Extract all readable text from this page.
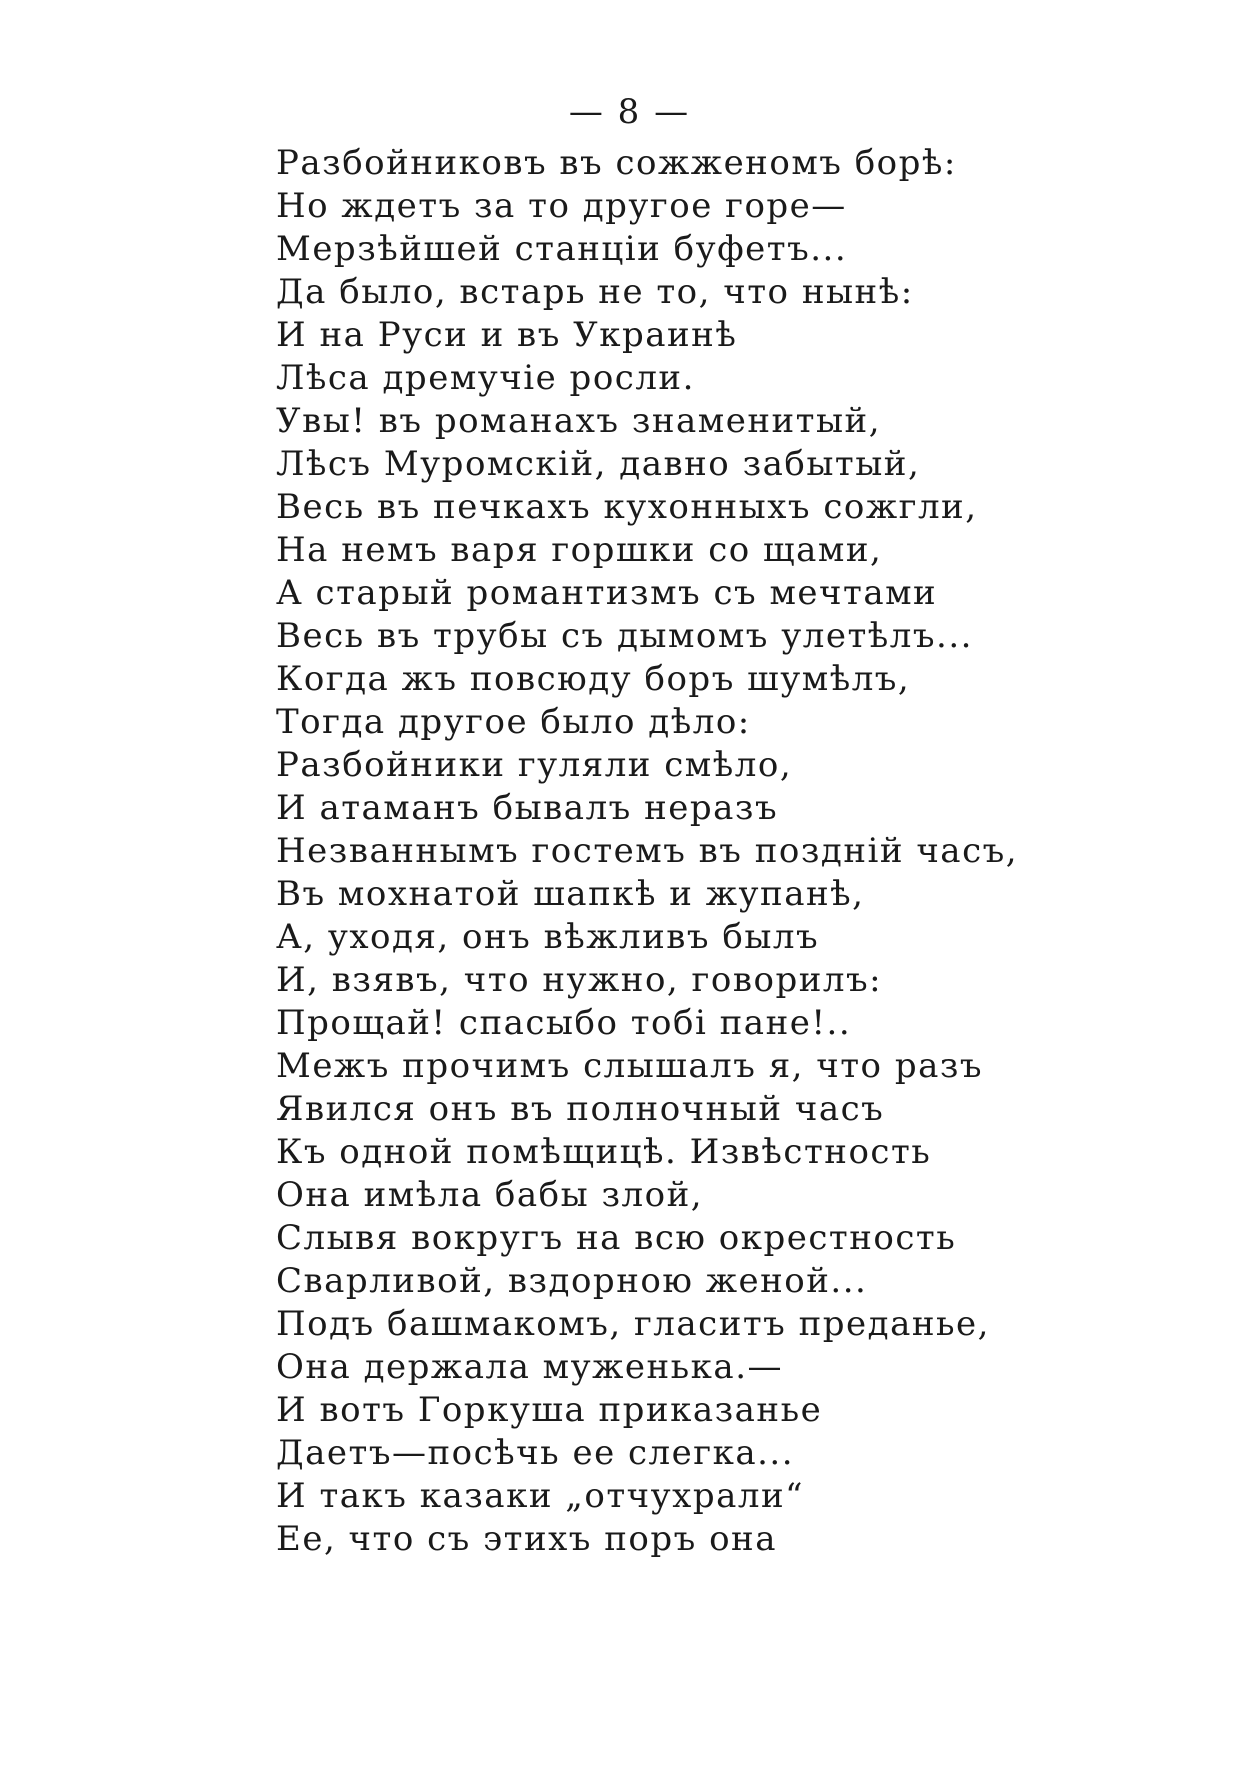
— 8 —
Разбойниковъ въ сожженомъ борѣ:
Но ждетъ за то другое горе—
Мерзѣйшей станціи буфетъ...
Да было, встарь не то, что нынѣ:
И на Руси и въ Украинѣ
Лѣса дремучіе росли.
Увы! въ романахъ знаменитый,
Лѣсъ Муромскій, давно забытый,
Весь въ печкахъ кухонныхъ сожгли,
На немъ варя горшки со щами,
А старый романтизмъ съ мечтами
Весь въ трубы съ дымомъ улетѣлъ...
Когда жъ повсюду боръ шумѣлъ,
Тогда другое было дѣло:
Разбойники гуляли смѣло,
И атаманъ бывалъ неразъ
Незваннымъ гостемъ въ поздній часъ,
Въ мохнатой шапкѣ и жупанѣ,
А, уходя, онъ вѣжливъ былъ
И, взявъ, что нужно, говорилъ:
Прощай! спасыбо тобі пане!..
Межъ прочимъ слышалъ я, что разъ
Явился онъ въ полночный часъ
Къ одной помѣщицѣ. Извѣстность
Она имѣла бабы злой,
Слывя вокругъ на всю окрестность
Сварливой, вздорною женой...
Подъ башмакомъ, гласитъ преданье,
Она держала муженька.—
И вотъ Горкуша приказанье
Даетъ—посѣчь ее слегка...
И такъ казаки „отчухрали“
Ее, что съ этихъ поръ она
